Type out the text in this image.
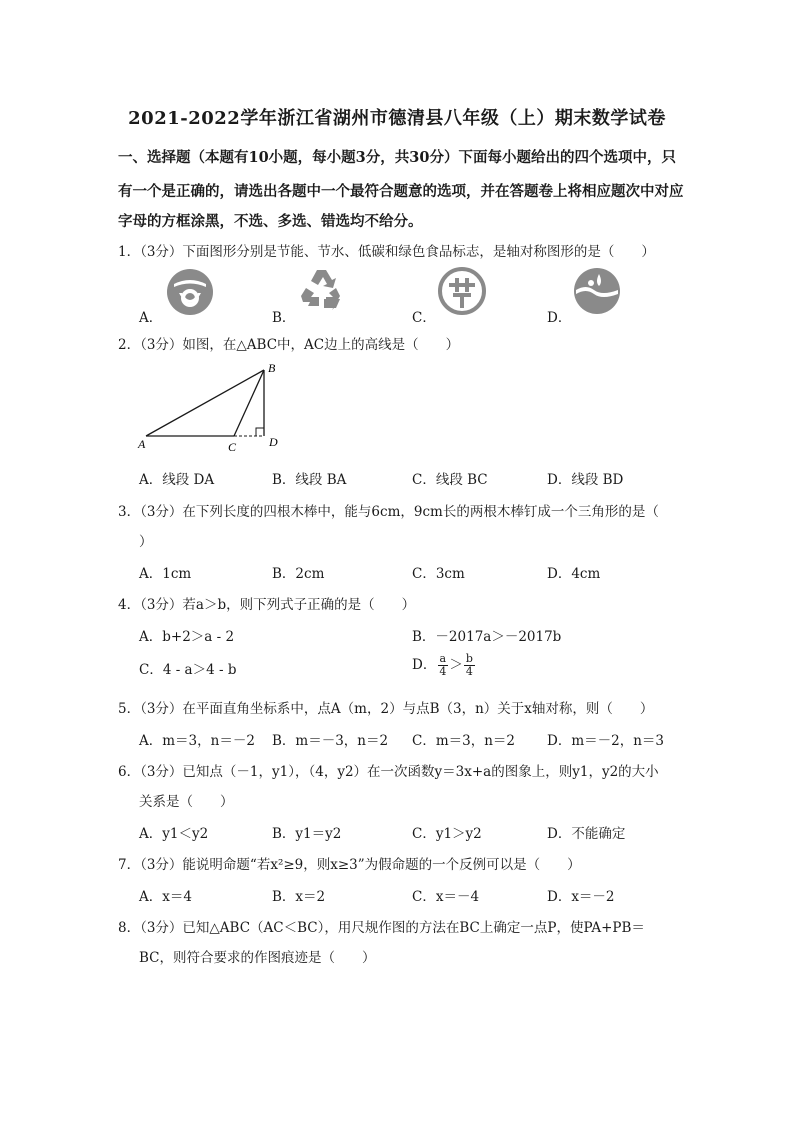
2021-2022学年浙江省湖州市德清县八年级（上）期末数学试卷
一、选择题（本题有10小题，每小题3分，共30分）下面每小题给出的四个选项中，只
有一个是正确的，请选出各题中一个最符合题意的选项，并在答题卷上将相应题次中对应
字母的方框涂黑，不选、多选、错选均不给分。
1．（3分）下面图形分别是节能、节水、低碳和绿色食品标志，是轴对称图形的是（　　）
A．	B．	C．	D．
2．（3分）如图，在△ABC中，AC边上的高线是（　　）
A	C
B
D
A．线段 DA	B．线段 BA	C．线段 BC	D．线段 BD
3．（3分）在下列长度的四根木棒中，能与6cm，9cm长的两根木棒钉成一个三角形的是（
）
A．1cm	B．2cm	C．3cm	D．4cm
4．（3分）若a＞b，则下列式子正确的是（　　）
A．b+2＞a - 2	B．－2017a＞－2017b
C．4 - a＞4 - b	D． $\frac{a}{4} > \frac{b}{4}$
5．（3分）在平面直角坐标系中，点A（m，2）与点B（3，n）关于x轴对称，则（　　）
A．m＝3，n＝－2 B．m＝－3，n＝2 C．m＝3，n＝2 D．m＝－2，n＝3
6．（3分）已知点（－1，y1），（4，y2）在一次函数y＝3x+a的图象上，则y1，y2的大小
关系是（　　）
A．y1＜y2	B．y1＝y2	C．y1＞y2	D．不能确定
7．（3分）能说明命题“若x²≥9，则x≥3”为假命题的一个反例可以是（　　）
A．x＝4	B．x＝2	C．x＝－4	D．x＝－2
8．（3分）已知△ABC（AC＜BC），用尺规作图的方法在BC上确定一点P，使PA+PB＝
BC，则符合要求的作图痕迹是（　　）
